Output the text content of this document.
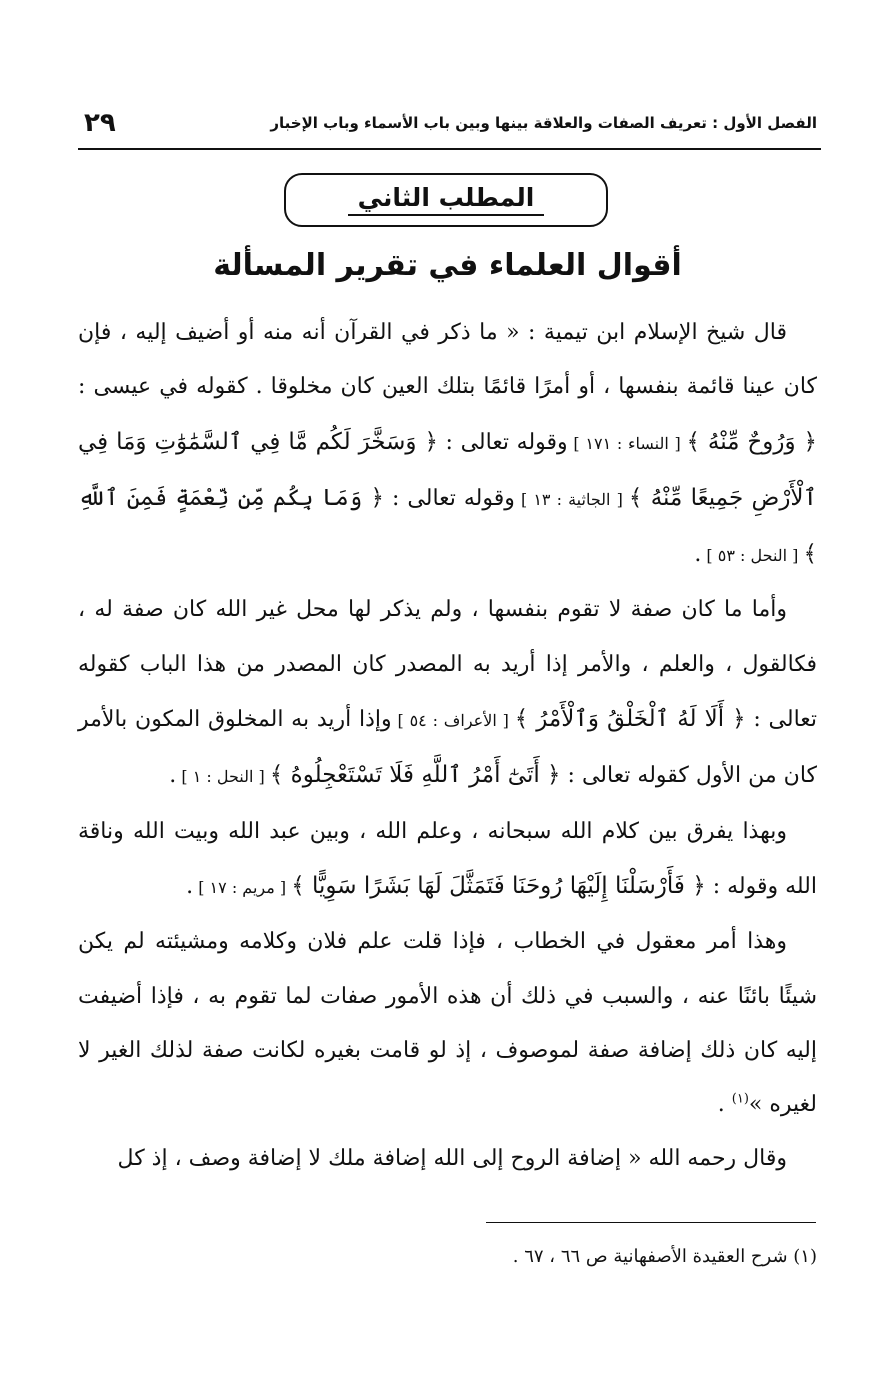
الفصل الأول : تعريف الصفات والعلاقة بينها وبين باب الأسماء وباب الإخبار
٢٩
المطلب الثاني
أقوال العلماء في تقرير المسألة

قال شيخ الإسلام ابن تيمية : « ما ذكر في القرآن أنه منه أو أضيف إليه ، فإن كان عينا قائمة بنفسها ، أو أمرًا قائمًا بتلك العين كان مخلوقا . كقوله في عيسى : ﴿ وَرُوحٌ مِّنْهُ ﴾ [ النساء : ١٧١ ] وقوله تعالى : ﴿ وَسَخَّرَ لَكُم مَّا فِي ٱلسَّمَٰوَٰتِ وَمَا فِي ٱلْأَرْضِ جَمِيعًا مِّنْهُ ﴾ [ الجاثية : ١٣ ] وقوله تعالى : ﴿ وَمَا بِكُم مِّن نِّعْمَةٍ فَمِنَ ٱللَّهِ ﴾ [ النحل : ٥٣ ] .

وأما ما كان صفة لا تقوم بنفسها ، ولم يذكر لها محل غير الله كان صفة له ، فكالقول ، والعلم ، والأمر إذا أريد به المصدر كان المصدر من هذا الباب كقوله تعالى : ﴿ أَلَا لَهُ ٱلْخَلْقُ وَٱلْأَمْرُ ﴾ [ الأعراف : ٥٤ ] وإذا أريد به المخلوق المكون بالأمر كان من الأول كقوله تعالى : ﴿ أَتَىٰٓ أَمْرُ ٱللَّهِ فَلَا تَسْتَعْجِلُوهُ ﴾ [ النحل : ١ ] .

وبهذا يفرق بين كلام الله سبحانه ، وعلم الله ، وبين عبد الله وبيت الله وناقة الله وقوله : ﴿ فَأَرْسَلْنَا إِلَيْهَا رُوحَنَا فَتَمَثَّلَ لَهَا بَشَرًا سَوِيًّا ﴾ [ مريم : ١٧ ] .

وهذا أمر معقول في الخطاب ، فإذا قلت علم فلان وكلامه ومشيئته لم يكن شيئًا بائنًا عنه ، والسبب في ذلك أن هذه الأمور صفات لما تقوم به ، فإذا أضيفت إليه كان ذلك إضافة صفة لموصوف ، إذ لو قامت بغيره لكانت صفة لذلك الغير لا لغيره »$^{(١)}$ .

وقال رحمه الله « إضافة الروح إلى الله إضافة ملك لا إضافة وصف ، إذ كل

(١) شرح العقيدة الأصفهانية ص ٦٦ ، ٦٧ .
